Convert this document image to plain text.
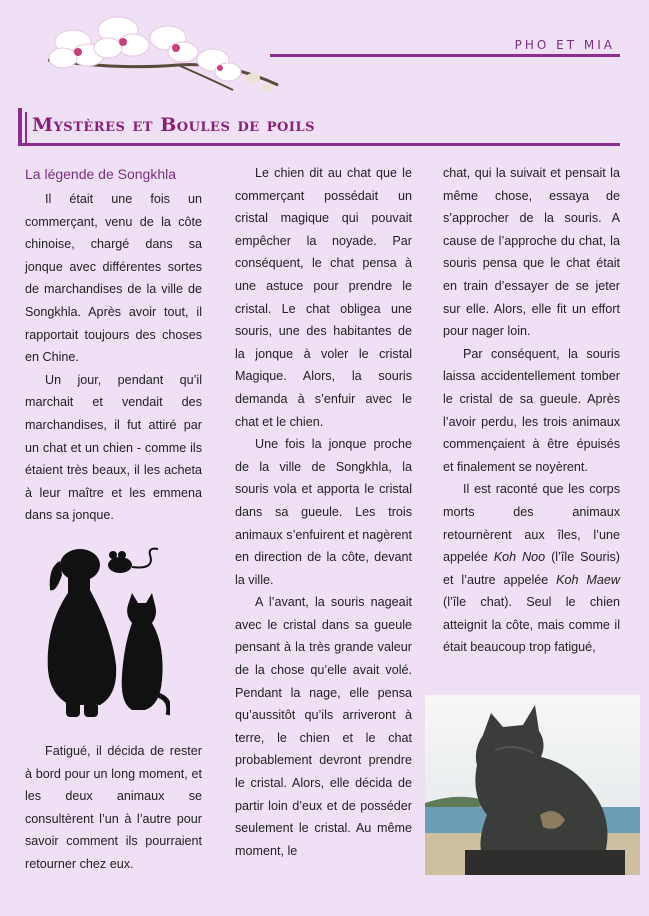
PHO ET MIA
Mystères et Boules de poils
La légende de Songkhla

Il était une fois un commerçant, venu de la côte chinoise, chargé dans sa jonque avec différentes sortes de marchandises de la ville de Songkhla. Après avoir tout, il rapportait toujours des choses en Chine.

Un jour, pendant qu’il marchait et vendait des marchandises, il fut attiré par un chat et un chien - comme ils étaient très beaux, il les acheta à leur maître et les emmena dans sa jonque.

Fatigué, il décida de rester à bord pour un long moment, et les deux animaux se consultèrent l’un à l’autre pour savoir comment ils pourraient retourner chez eux.

Le chien dit au chat que le commerçant possédait un cristal magique qui pouvait empêcher la noyade. Par conséquent, le chat pensa à une astuce pour prendre le cristal. Le chat obligea une souris, une des habitantes de la jonque à voler le cristal Magique. Alors, la souris demanda à s’enfuir avec le chat et le chien.

Une fois la jonque proche de la ville de Songkhla, la souris vola et apporta le cristal dans sa gueule. Les trois animaux s’enfuirent et nagèrent en direction de la côte, devant la ville.

A l’avant, la souris nageait avec le cristal dans sa gueule pensant à la très grande valeur de la chose qu’elle avait volé. Pendant la nage, elle pensa qu’aussitôt qu’ils arriveront à terre, le chien et le chat probablement devront prendre le cristal. Alors, elle décida de partir loin d’eux et de posséder seulement le cristal. Au même moment, le

chat, qui la suivait et pensait la même chose, essaya de s’approcher de la souris. A cause de l’approche du chat, la souris pensa que le chat était en train d’essayer de se jeter sur elle. Alors, elle fit un effort pour nager loin.

Par conséquent, la souris laissa accidentellement tomber le cristal de sa gueule. Après l’avoir perdu, les trois animaux commençaient à être épuisés et finalement se noyèrent.

Il est raconté que les corps morts des animaux retournèrent aux îles, l’une appelée Koh Noo (l’île Souris) et l’autre appelée Koh Maew (l’île chat). Seul le chien atteignit la côte, mais comme il était beaucoup trop fatigué,
